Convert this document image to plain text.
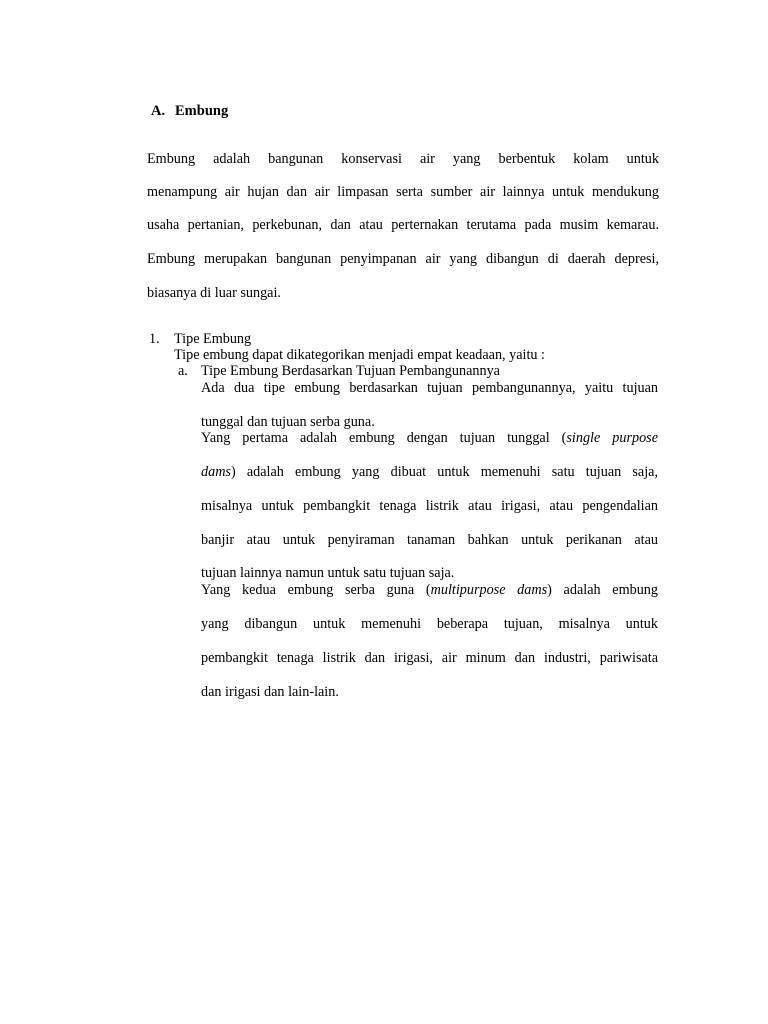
A. Embung
Embung adalah bangunan konservasi air yang berbentuk kolam untuk
menampung air hujan dan air limpasan serta sumber air lainnya untuk mendukung
usaha pertanian, perkebunan, dan atau perternakan terutama pada musim kemarau.
Embung merupakan bangunan penyimpanan air yang dibangun di daerah depresi,
biasanya di luar sungai.
1. Tipe Embung
Tipe embung dapat dikategorikan menjadi empat keadaan, yaitu :
a. Tipe Embung Berdasarkan Tujuan Pembangunannya
Ada dua tipe embung berdasarkan tujuan pembangunannya, yaitu tujuan
tunggal dan tujuan serba guna.
Yang pertama adalah embung dengan tujuan tunggal (single purpose
dams) adalah embung yang dibuat untuk memenuhi satu tujuan saja,
misalnya untuk pembangkit tenaga listrik atau irigasi, atau pengendalian
banjir atau untuk penyiraman tanaman bahkan untuk perikanan atau
tujuan lainnya namun untuk satu tujuan saja.
Yang kedua embung serba guna (multipurpose dams) adalah embung
yang dibangun untuk memenuhi beberapa tujuan, misalnya untuk
pembangkit tenaga listrik dan irigasi, air minum dan industri, pariwisata
dan irigasi dan lain-lain.
